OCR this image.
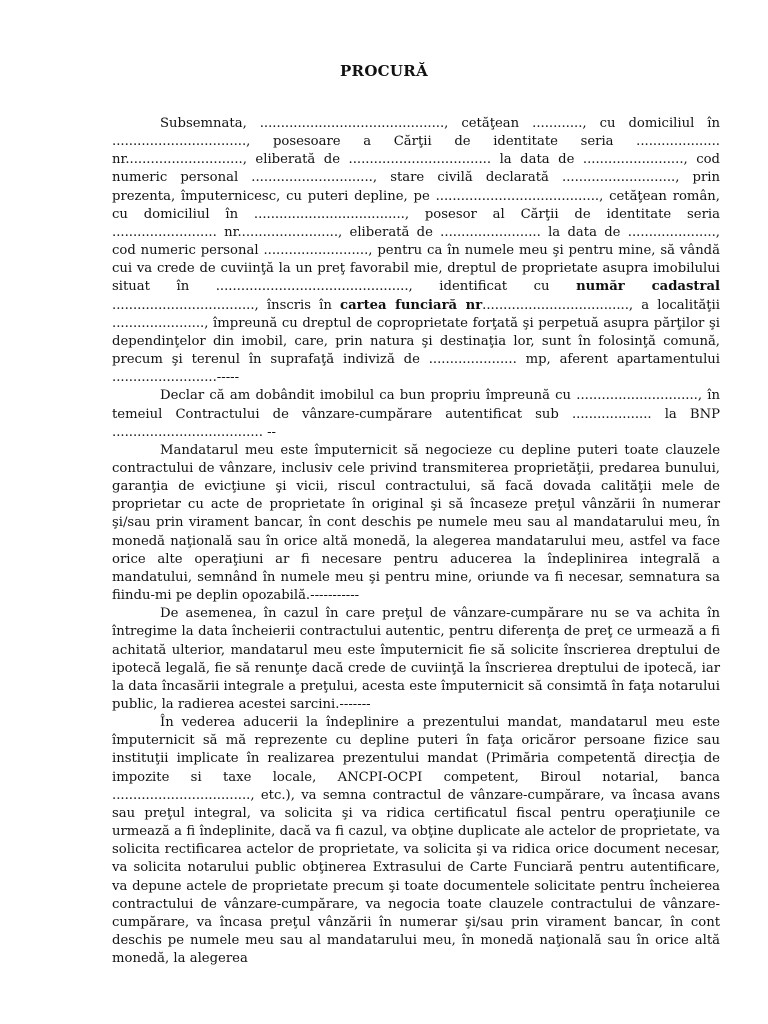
PROCURĂ

Subsemnata, ............................................, cetăţean ............, cu domiciliul în ................................, posesoare a Cărţii de identitate seria .................... nr............................, eliberată de .................................. la data de ........................, cod numeric personal ............................., stare civilă declarată ..........................., prin prezenta, împuternicesc, cu puteri depline, pe ......................................., cetăţean român, cu domiciliul în ...................................., posesor al Cărţii de identitate seria ......................... nr........................, eliberată de ........................ la data de ....................., cod numeric personal ........................., pentru ca în numele meu şi pentru mine, să vândă cui va crede de cuviinţă la un preţ favorabil mie, dreptul de proprietate asupra imobilului situat în .............................................., identificat cu număr cadastral .................................., înscris în cartea funciară nr..................................., a localităţii ......................, împreună cu dreptul de coproprietate forţată şi perpetuă asupra părţilor şi dependinţelor din imobil, care, prin natura şi destinaţia lor, sunt în folosinţă comună, precum şi terenul în suprafaţă indiviză de ..................... mp, aferent apartamentului .........................-----

Declar că am dobândit imobilul ca bun propriu împreună cu ............................., în temeiul Contractului de vânzare-cumpărare autentificat sub ................... la BNP .................................... --

Mandatarul meu este împuternicit să negocieze cu depline puteri toate clauzele contractului de vânzare, inclusiv cele privind transmiterea proprietăţii, predarea bunului, garanţia de evicţiune şi vicii, riscul contractului, să facă dovada calităţii mele de proprietar cu acte de proprietate în original şi să încaseze preţul vânzării în numerar şi/sau prin virament bancar, în cont deschis pe numele meu sau al mandatarului meu, în monedă naţională sau în orice altă monedă, la alegerea mandatarului meu, astfel va face orice alte operaţiuni ar fi necesare pentru aducerea la îndeplinirea integrală a mandatului, semnând în numele meu şi pentru mine, oriunde va fi necesar, semnatura sa fiindu-mi pe deplin opozabilă.-----------

De asemenea, în cazul în care preţul de vânzare-cumpărare nu se va achita în întregime la data încheierii contractului autentic, pentru diferenţa de preţ ce urmează a fi achitată ulterior, mandatarul meu este împuternicit fie să solicite înscrierea dreptului de ipotecă legală, fie să renunţe dacă crede de cuviinţă la înscrierea dreptului de ipotecă, iar la data încasării integrale a preţului, acesta este împuternicit să consimtă în faţa notarului public, la radierea acestei sarcini.-------

În vederea aducerii la îndeplinire a prezentului mandat, mandatarul meu este împuternicit să mă reprezente cu depline puteri în faţa oricăror persoane fizice sau instituţii implicate în realizarea prezentului mandat (Primăria competentă direcţia de impozite si taxe locale, ANCPI-OCPI competent, Biroul notarial, banca ................................., etc.), va semna contractul de vânzare-cumpărare, va încasa avans sau preţul integral, va solicita şi va ridica certificatul fiscal pentru operaţiunile ce urmează a fi îndeplinite, dacă va fi cazul, va obţine duplicate ale actelor de proprietate, va solicita rectificarea actelor de proprietate, va solicita şi va ridica orice document necesar, va solicita notarului public obţinerea Extrasului de Carte Funciară pentru autentificare, va depune actele de proprietate precum şi toate documentele solicitate pentru încheierea contractului de vânzare-cumpărare, va negocia toate clauzele contractului de vânzare-cumpărare, va încasa preţul vânzării în numerar şi/sau prin virament bancar, în cont deschis pe numele meu sau al mandatarului meu, în monedă naţională sau în orice altă monedă, la alegerea
